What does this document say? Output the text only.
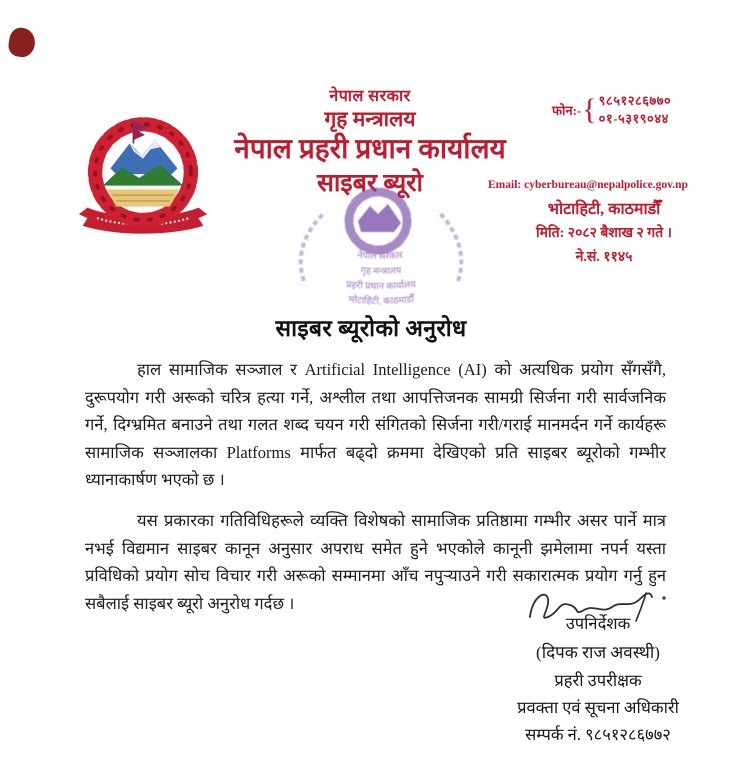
नेपाल सरकार
गृह मन्त्रालय
नेपाल प्रहरी प्रधान कार्यालय
साइबर ब्यूरो
फोन:- { ९८५१२८६७७०
०१-५३१९०४४
Email: cyberbureau@nepalpolice.gov.np
भोटाहिटी, काठमाडौँ
मिति: २०८२ बैशाख २ गते ।
ने.सं. ११४५
नेपाल सरकार
गृह मन्त्रालय
प्रहरी प्रधान कार्यालय
भोटाहिटी, काठमाडौँ
साइबर ब्यूरोको अनुरोध

हाल सामाजिक सञ्जाल र Artificial Intelligence (AI) को अत्यधिक प्रयोग सँगसँगै, दुरूपयोग गरी अरूको चरित्र हत्या गर्ने, अश्लील तथा आपत्तिजनक सामग्री सिर्जना गरी सार्वजनिक गर्ने, दिग्भ्रमित बनाउने तथा गलत शब्द चयन गरी संगितको सिर्जना गरी/गराई मानमर्दन गर्ने कार्यहरू सामाजिक सञ्जालका Platforms मार्फत बढ्दो क्रममा देखिएको प्रति साइबर ब्यूरोको गम्भीर ध्यानाकार्षण भएको छ ।

यस प्रकारका गतिविधिहरूले व्यक्ति विशेषको सामाजिक प्रतिष्ठामा गम्भीर असर पार्ने मात्र नभई विद्यमान साइबर कानून अनुसार अपराध समेत हुने भएकोले कानूनी झमेलामा नपर्न यस्ता प्रविधिको प्रयोग सोच विचार गरी अरूको सम्मानमा आँच नपुऱ्याउने गरी सकारात्मक प्रयोग गर्नु हुन सबैलाई साइबर ब्यूरो अनुरोध गर्दछ ।

उपनिर्देशक
(दिपक राज अवस्थी)
प्रहरी उपरीक्षक
प्रवक्ता एवं सूचना अधिकारी
सम्पर्क नं. ९८५१२८६७७२
